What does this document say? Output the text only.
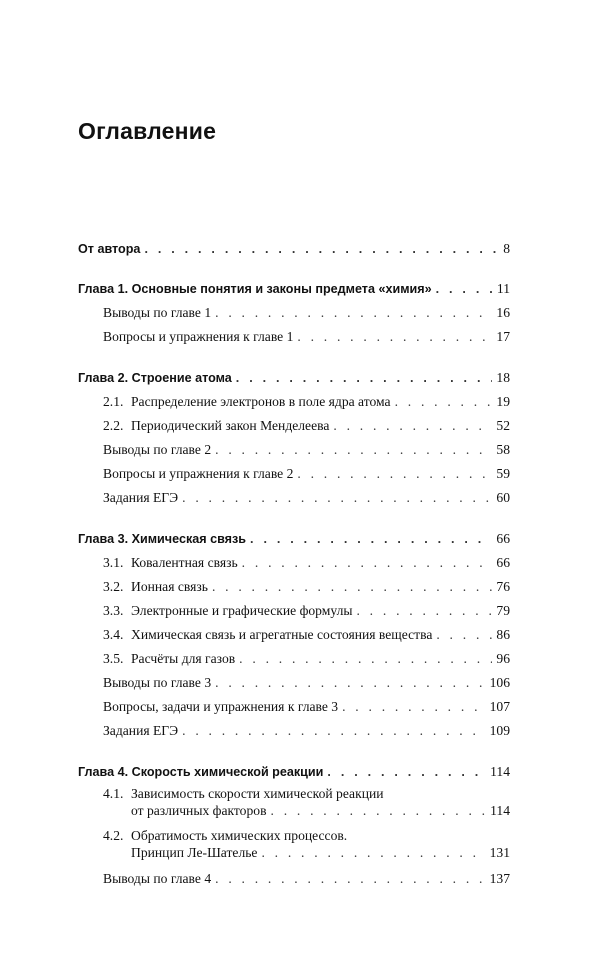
Оглавление
От автора . . .	8
Глава 1. Основные понятия и законы предмета «химия» . . .	11
Выводы по главе 1 . . .	16
Вопросы и упражнения к главе 1 . . .	17
Глава 2. Строение атома . . .	18
2.1. Распределение электронов в поле ядра атома . . .	19
2.2. Периодический закон Менделеева . . .	52
Выводы по главе 2 . . .	58
Вопросы и упражнения к главе 2 . . .	59
Задания ЕГЭ . . .	60
Глава 3. Химическая связь . . .	66
3.1. Ковалентная связь . . .	66
3.2. Ионная связь . . .	76
3.3. Электронные и графические формулы . . .	79
3.4. Химическая связь и агрегатные состояния вещества . . .	86
3.5. Расчёты для газов . . .	96
Выводы по главе 3 . . .	106
Вопросы, задачи и упражнения к главе 3 . . .	107
Задания ЕГЭ . . .	109
Глава 4. Скорость химической реакции . . .	114
4.1. Зависимость скорости химической реакции
от различных факторов . . .	114
4.2. Обратимость химических процессов.
Принцип Ле-Шателье . . .	131
Выводы по главе 4 . . .	137
